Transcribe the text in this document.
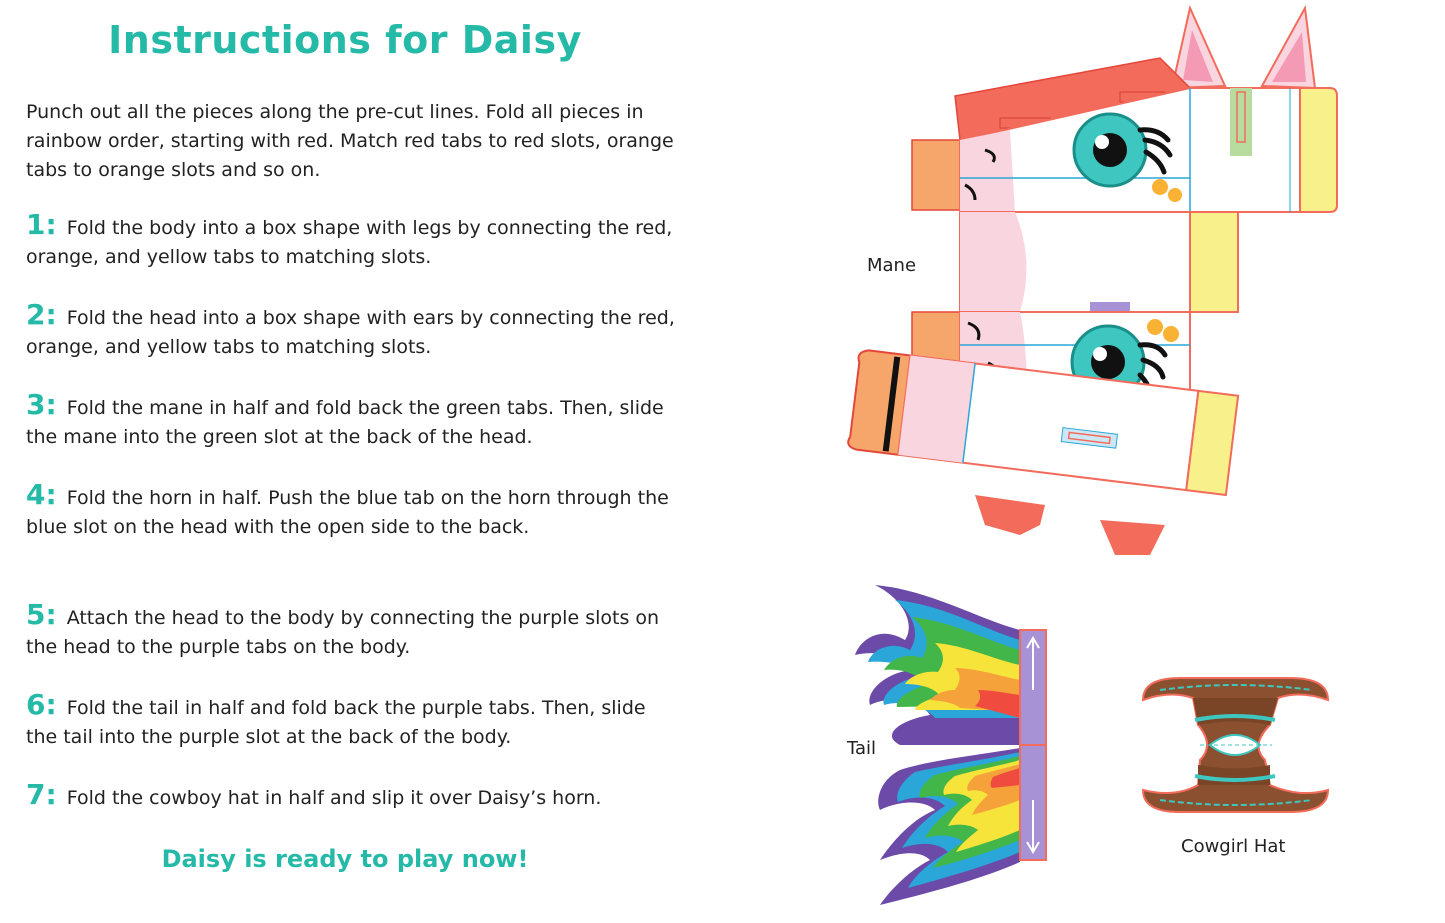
Instructions for Daisy
Punch out all the pieces along the pre-cut lines. Fold all pieces in rainbow order, starting with red. Match red tabs to red slots, orange tabs to orange slots and so on.
1: Fold the body into a box shape with legs by connecting the red, orange, and yellow tabs to matching slots.
2: Fold the head into a box shape with ears by connecting the red, orange, and yellow tabs to matching slots.
3: Fold the mane in half and fold back the green tabs. Then, slide the mane into the green slot at the back of the head.
4: Fold the horn in half. Push the blue tab on the horn through the blue slot on the head with the open side to the back.
5: Attach the head to the body by connecting the purple slots on the head to the purple tabs on the body.
6: Fold the tail in half and fold back the purple tabs. Then, slide the tail into the purple slot at the back of the body.
7: Fold the cowboy hat in half and slip it over Daisy’s horn.
Daisy is ready to play now!
Mane
Tail
Cowgirl Hat
